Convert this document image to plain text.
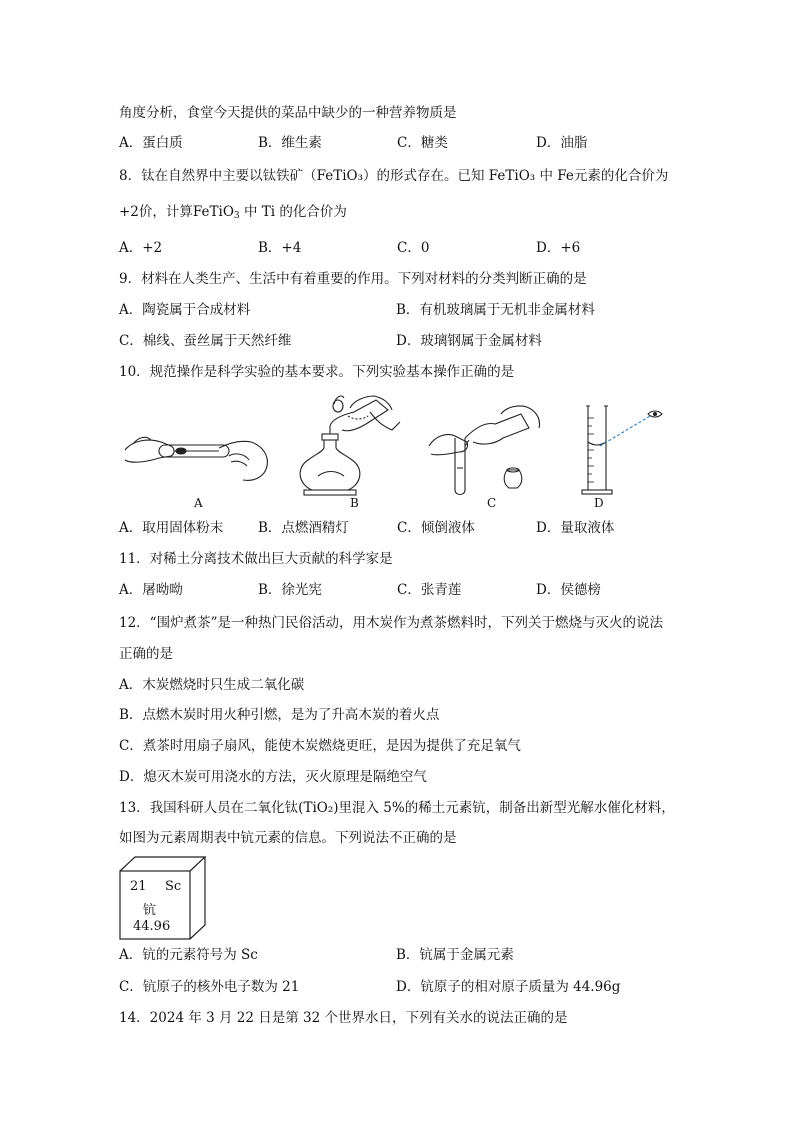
角度分析，食堂今天提供的菜品中缺少的一种营养物质是
A．蛋白质	B．维生素	C．糖类	D．油脂
8．钛在自然界中主要以钛铁矿（FeTiO₃）的形式存在。已知 FeTiO₃ 中 Fe元素的化合价为
+2价，计算FeTiO$_3$ 中 Ti 的化合价为
A．+2	B．+4	C．0	D．+6
9．材料在人类生产、生活中有着重要的作用。下列对材料的分类判断正确的是
A．陶瓷属于合成材料	B．有机玻璃属于无机非金属材料
C．棉线、蚕丝属于天然纤维	D．玻璃钢属于金属材料
10．规范操作是科学实验的基本要求。下列实验基本操作正确的是
A	B	C	D
A．取用固体粉末	B．点燃酒精灯	C．倾倒液体	D．量取液体
11．对稀土分离技术做出巨大贡献的科学家是
A．屠呦呦	B．徐光宪	C．张青莲	D．侯德榜
12．“围炉煮茶”是一种热门民俗活动，用木炭作为煮茶燃料时，下列关于燃烧与灭火的说法
正确的是
A．木炭燃烧时只生成二氧化碳
B．点燃木炭时用火种引燃，是为了升高木炭的着火点
C．煮茶时用扇子扇风，能使木炭燃烧更旺，是因为提供了充足氧气
D．熄灭木炭可用浇水的方法，灭火原理是隔绝空气
13．我国科研人员在二氧化钛(TiO₂)里混入 5%的稀土元素钪，制备出新型光解水催化材料，
如图为元素周期表中钪元素的信息。下列说法不正确的是
21 Sc
钪
44.96
A．钪的元素符号为 Sc	B．钪属于金属元素
C．钪原子的核外电子数为 21	D．钪原子的相对原子质量为 44.96g
14．2024 年 3 月 22 日是第 32 个世界水日，下列有关水的说法正确的是
